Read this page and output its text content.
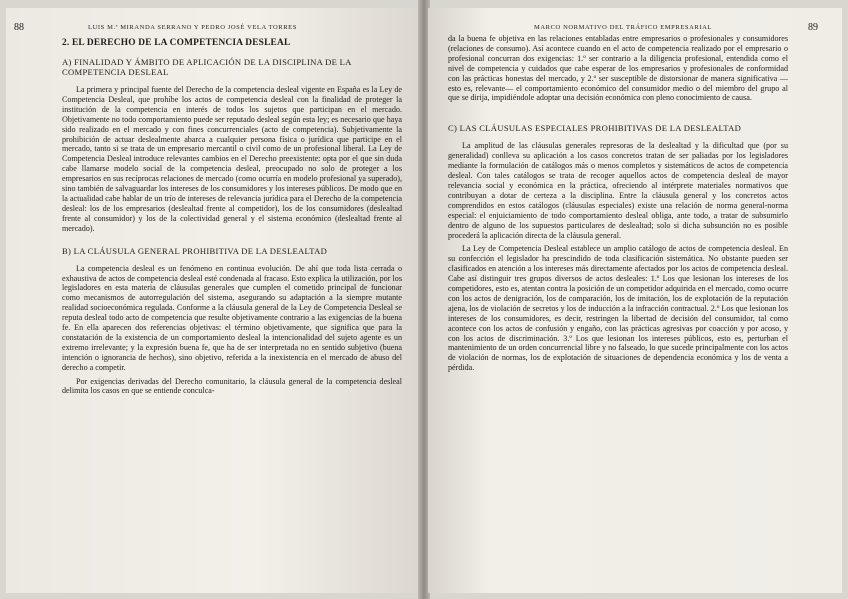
88	LUIS M.ª MIRANDA SERRANO Y PEDRO JOSÉ VELA TORRES
2. EL DERECHO DE LA COMPETENCIA DESLEAL
A) FINALIDAD Y ÁMBITO DE APLICACIÓN DE LA DISCIPLINA DE LA COMPETENCIA DESLEAL

La primera y principal fuente del Derecho de la competencia desleal vigente en España es la Ley de Competencia Desleal, que prohíbe los actos de competencia desleal con la finalidad de proteger la institución de la competencia en interés de todos los sujetos que participan en el mercado. Objetivamente no todo comportamiento puede ser reputado desleal según esta ley; es necesario que haya sido realizado en el mercado y con fines concurrenciales (acto de competencia). Subjetivamente la prohibición de actuar deslealmente abarca a cualquier persona física o jurídica que participe en el mercado, tanto si se trata de un empresario mercantil o civil como de un profesional liberal. La Ley de Competencia Desleal introduce relevantes cambios en el Derecho preexistente: opta por el que sin duda cabe llamarse modelo social de la competencia desleal, preocupado no solo de proteger a los empresarios en sus recíprocas relaciones de mercado (como ocurría en modelo profesional ya superado), sino también de salvaguardar los intereses de los consumidores y los intereses públicos. De modo que en la actualidad cabe hablar de un trío de intereses de relevancia jurídica para el Derecho de la competencia desleal: los de los empresarios (deslealtad frente al competidor), los de los consumidores (deslealtad frente al consumidor) y los de la colectividad general y el sistema económico (deslealtad frente al mercado).

B) LA CLÁUSULA GENERAL PROHIBITIVA DE LA DESLEALTAD

La competencia desleal es un fenómeno en continua evolución. De ahí que toda lista cerrada o exhaustiva de actos de competencia desleal esté condenada al fracaso. Esto explica la utilización, por los legisladores en esta materia de cláusulas generales que cumplen el cometido principal de funcionar como mecanismos de autorregulación del sistema, asegurando su adaptación a la siempre mutante realidad socioeconómica regulada. Conforme a la cláusula general de la Ley de Competencia Desleal se reputa desleal todo acto de competencia que resulte objetivamente contrario a las exigencias de la buena fe. En ella aparecen dos referencias objetivas: el término objetivamente, que significa que para la constatación de la existencia de un comportamiento desleal la intencionalidad del sujeto agente es un extremo irrelevante; y la expresión buena fe, que ha de ser interpretada no en sentido subjetivo (buena intención o ignorancia de hechos), sino objetivo, referida a la inexistencia en el mercado de abuso del derecho a competir.

Por exigencias derivadas del Derecho comunitario, la cláusula general de la competencia desleal delimita los casos en que se entiende conculca-

MARCO NORMATIVO DEL TRÁFICO EMPRESARIAL	89

da la buena fe objetiva en las relaciones entabladas entre empresarios o profesionales y consumidores (relaciones de consumo). Así acontece cuando en el acto de competencia realizado por el empresario o profesional concurran dos exigencias: 1.º ser contrario a la diligencia profesional, entendida como el nivel de competencia y cuidados que cabe esperar de los empresarios y profesionales de conformidad con las prácticas honestas del mercado, y 2.º ser susceptible de distorsionar de manera significativa —esto es, relevante— el comportamiento económico del consumidor medio o del miembro del grupo al que se dirija, impidiéndole adoptar una decisión económica con pleno conocimiento de causa.

C) LAS CLÁUSULAS ESPECIALES PROHIBITIVAS DE LA DESLEALTAD

La amplitud de las cláusulas generales represoras de la deslealtad y la dificultad que (por su generalidad) conlleva su aplicación a los casos concretos tratan de ser paliadas por los legisladores mediante la formulación de catálogos más o menos completos y sistemáticos de actos de competencia desleal. Con tales catálogos se trata de recoger aquellos actos de competencia desleal de mayor relevancia social y económica en la práctica, ofreciendo al intérprete materiales normativos que contribuyan a dotar de certeza a la disciplina. Entre la cláusula general y los concretos actos comprendidos en estos catálogos (cláusulas especiales) existe una relación de norma general-norma especial: el enjuiciamiento de todo comportamiento desleal obliga, ante todo, a tratar de subsumirlo dentro de alguno de los supuestos particulares de deslealtad; solo si dicha subsunción no es posible procederá la aplicación directa de la cláusula general.

La Ley de Competencia Desleal establece un amplio catálogo de actos de competencia desleal. En su confección el legislador ha prescindido de toda clasificación sistemática. No obstante pueden ser clasificados en atención a los intereses más directamente afectados por los actos de competencia desleal. Cabe así distinguir tres grupos diversos de actos desleales: 1.º Los que lesionan los intereses de los competidores, esto es, atentan contra la posición de un competidor adquirida en el mercado, como ocurre con los actos de denigración, los de comparación, los de imitación, los de explotación de la reputación ajena, los de violación de secretos y los de inducción a la infracción contractual. 2.º Los que lesionan los intereses de los consumidores, es decir, restringen la libertad de decisión del consumidor, tal como acontece con los actos de confusión y engaño, con las prácticas agresivas por coacción y por acoso, y con los actos de discriminación. 3.º Los que lesionan los intereses públicos, esto es, perturban el mantenimiento de un orden concurrencial libre y no falseado, lo que sucede principalmente con los actos de violación de normas, los de explotación de situaciones de dependencia económica y los de venta a pérdida.
